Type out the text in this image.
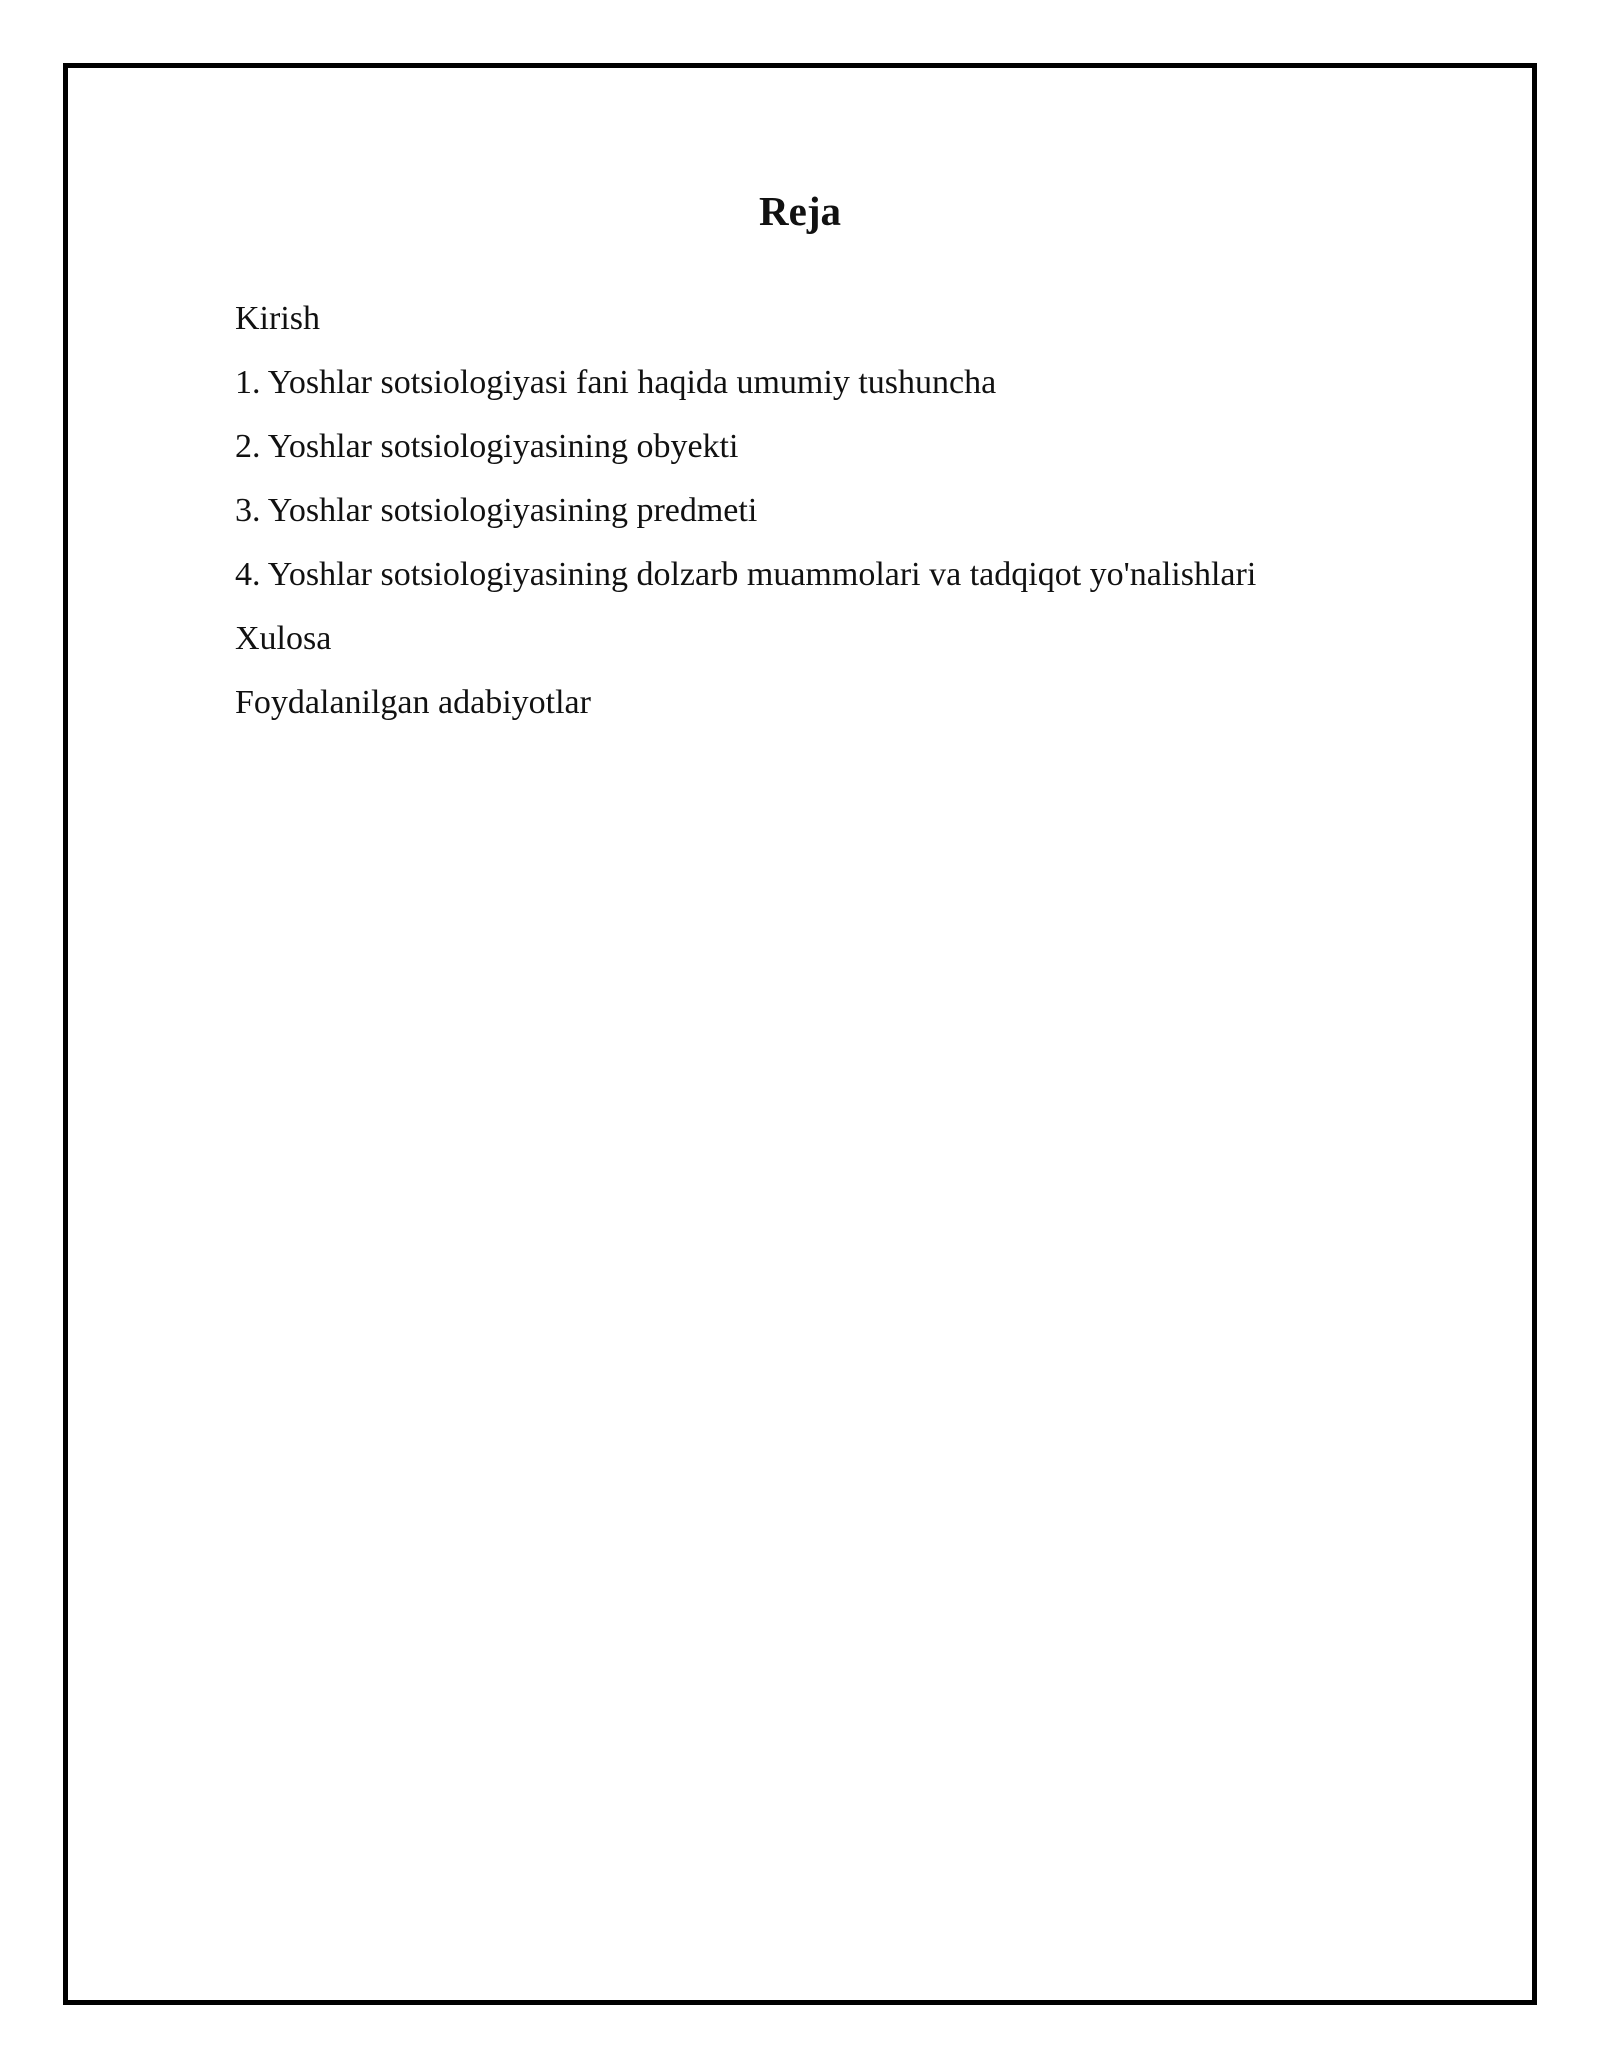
Reja
Kirish
1. Yoshlar sotsiologiyasi fani haqida umumiy tushuncha
2. Yoshlar sotsiologiyasining obyekti
3. Yoshlar sotsiologiyasining predmeti
4. Yoshlar sotsiologiyasining dolzarb muammolari va tadqiqot yo'nalishlari
Xulosa
Foydalanilgan adabiyotlar
